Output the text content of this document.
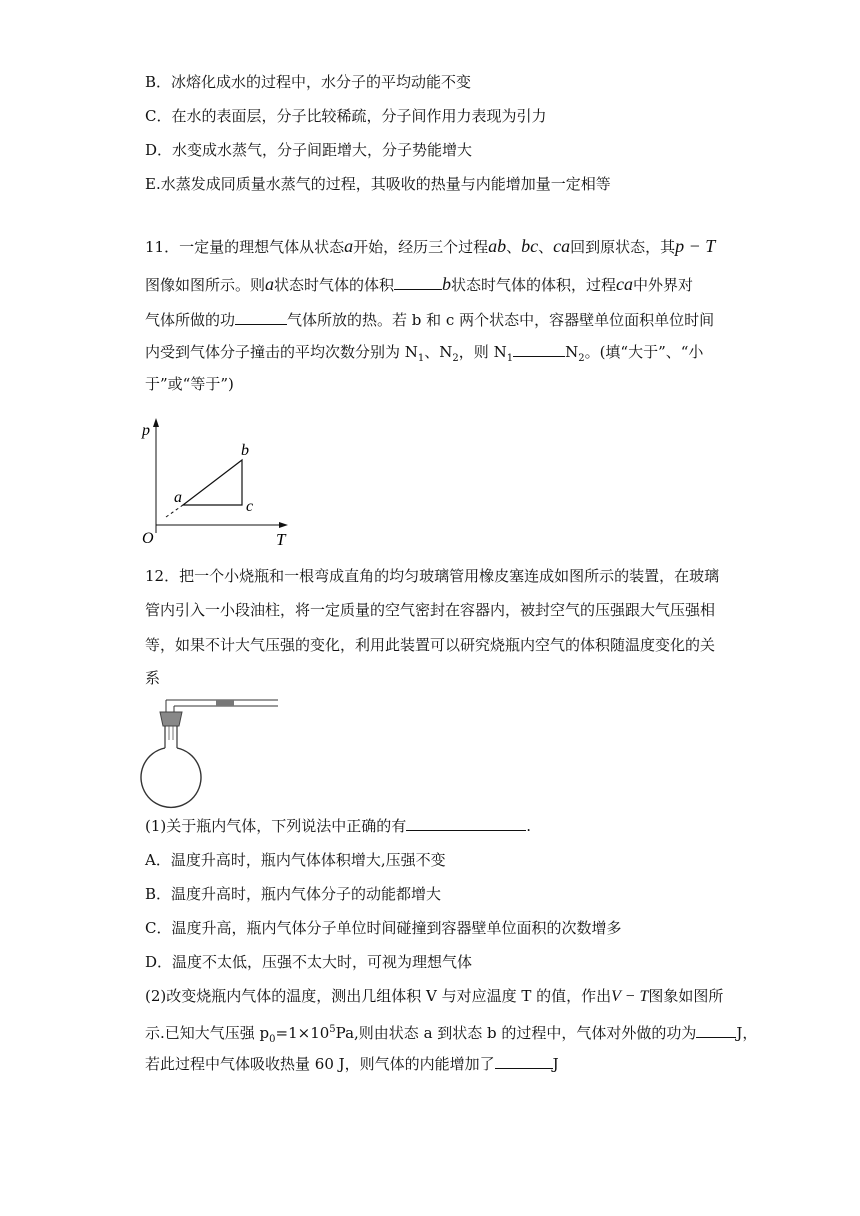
B．冰熔化成水的过程中，水分子的平均动能不变
C．在水的表面层，分子比较稀疏，分子间作用力表现为引力
D．水变成水蒸气，分子间距增大，分子势能增大
E.水蒸发成同质量水蒸气的过程，其吸收的热量与内能增加量一定相等
11．一定量的理想气体从状态a开始，经历三个过程ab、bc、ca回到原状态，其p − T
图像如图所示。则a状态时气体的体积	b状态时气体的体积，过程ca中外界对
气体所做的功	气体所放的热。若 b 和 c 两个状态中，容器壁单位面积单位时间
内受到气体分子撞击的平均次数分别为 $N_1$、$N_2$，则 $N_1$	$N_2$。(填“大于”、“小
于”或“等于”)
p
T
O
a
b
c
12．把一个小烧瓶和一根弯成直角的均匀玻璃管用橡皮塞连成如图所示的装置，在玻璃
管内引入一小段油柱，将一定质量的空气密封在容器内，被封空气的压强跟大气压强相
等，如果不计大气压强的变化，利用此装置可以研究烧瓶内空气的体积随温度变化的关
系
(1)关于瓶内气体，下列说法中正确的有	.
A．温度升高时，瓶内气体体积增大,压强不变
B．温度升高时，瓶内气体分子的动能都增大
C．温度升高，瓶内气体分子单位时间碰撞到容器壁单位面积的次数增多
D．温度不太低，压强不太大时，可视为理想气体
(2)改变烧瓶内气体的温度，测出几组体积 V 与对应温度 T 的值，作出V − T图象如图所
示.已知大气压强 $p_0=1\times 10^5Pa$,则由状态 a 到状态 b 的过程中，气体对外做的功为	J，
若此过程中气体吸收热量 60 J，则气体的内能增加了	J
